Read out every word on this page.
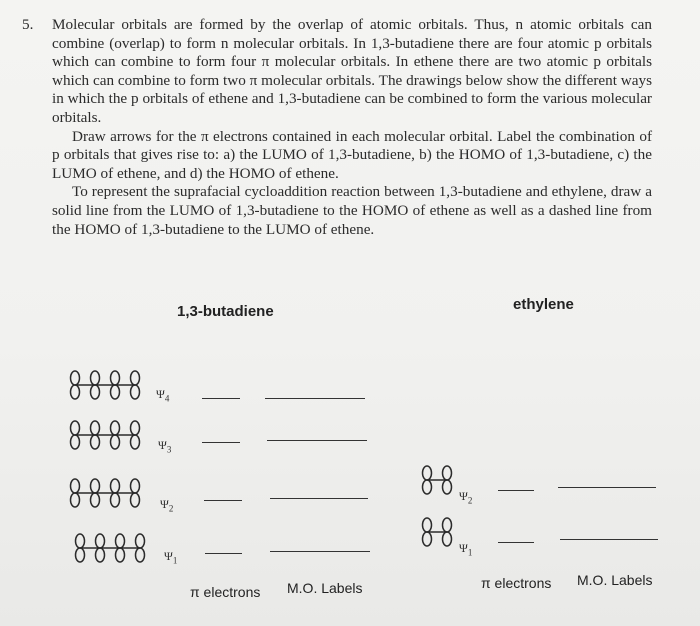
5. Molecular orbitals are formed by the overlap of atomic orbitals. Thus, n atomic orbitals can combine (overlap) to form n molecular orbitals. In 1,3-butadiene there are four atomic p orbitals which can combine to form four π molecular orbitals. In ethene there are two atomic p orbitals which can combine to form two π molecular orbitals. The drawings below show the different ways in which the p orbitals of ethene and 1,3-butadiene can be combined to form the various molecular orbitals.

Draw arrows for the π electrons contained in each molecular orbital. Label the combination of p orbitals that gives rise to: a) the LUMO of 1,3-butadiene, b) the HOMO of 1,3-butadiene, c) the LUMO of ethene, and d) the HOMO of ethene.

To represent the suprafacial cycloaddition reaction between 1,3-butadiene and ethylene, draw a solid line from the LUMO of 1,3-butadiene to the HOMO of ethene as well as a dashed line from the HOMO of 1,3-butadiene to the LUMO of ethene.

1,3-butadiene	ethylene
$\Psi_4$
$\Psi_3$
$\Psi_2$
$\Psi_1$
$\Psi_2$
$\Psi_1$
π electrons M.O. Labels	π electrons M.O. Labels
